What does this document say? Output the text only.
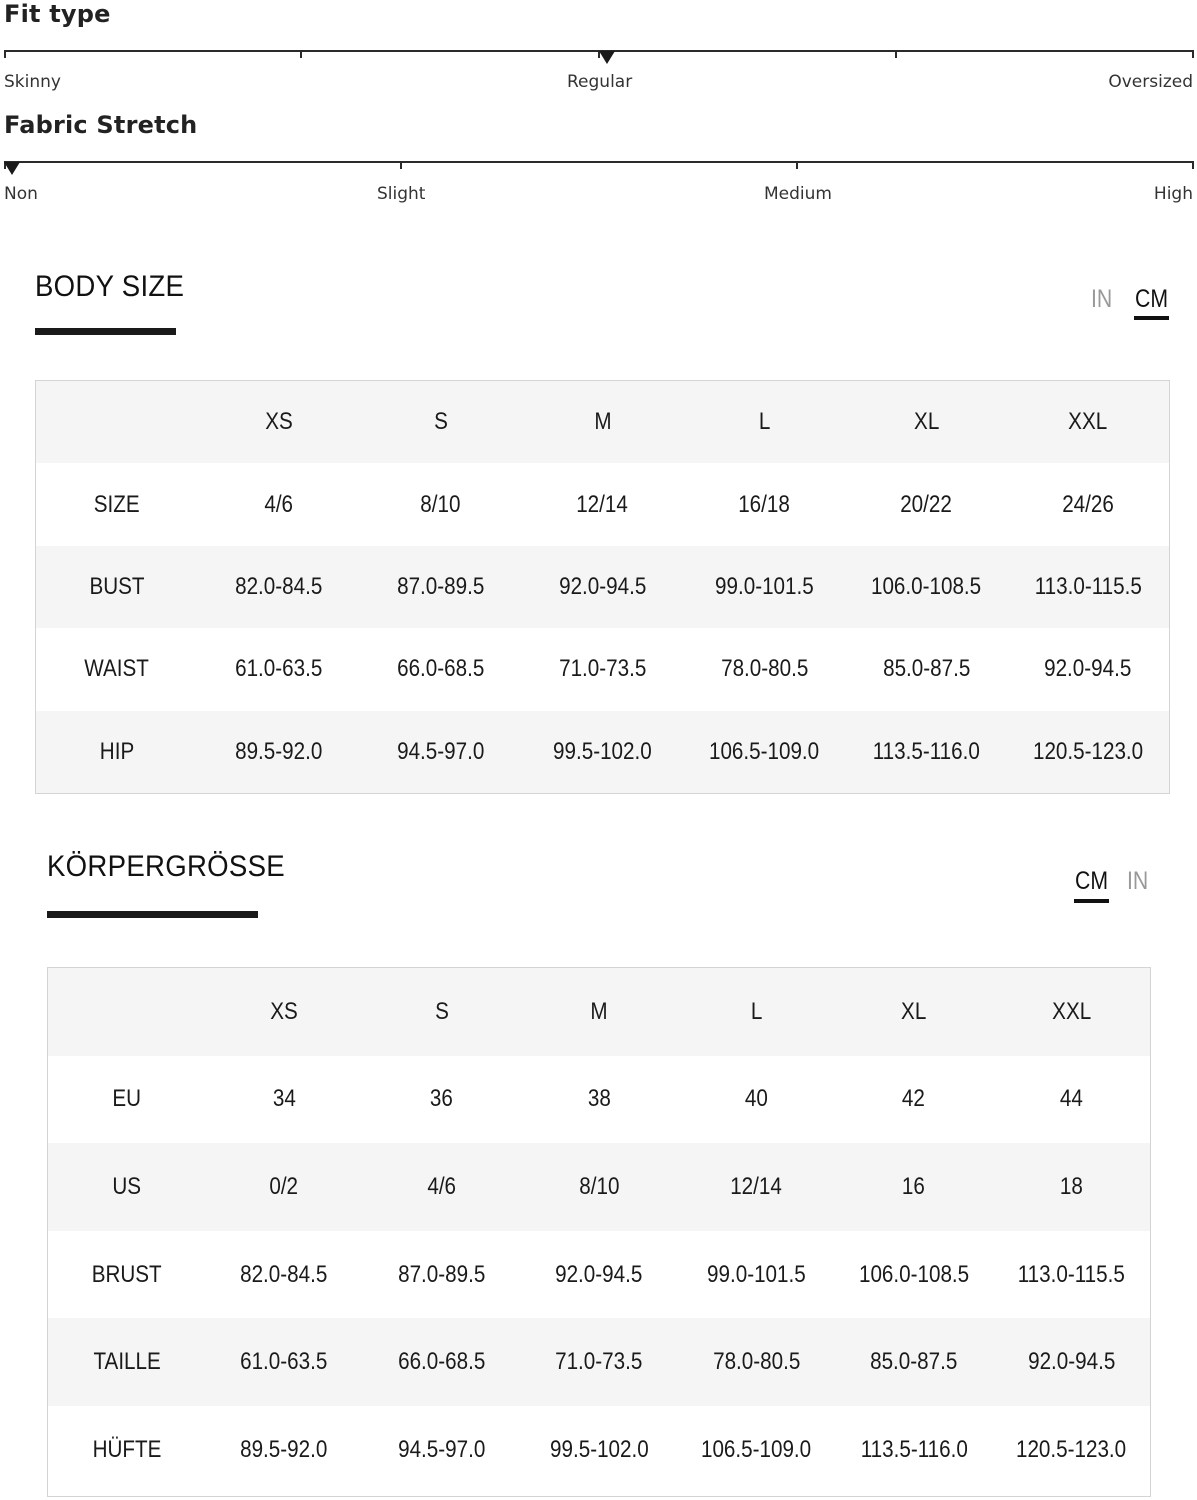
Fit type
Skinny	Regular	Oversized
Fabric Stretch
Non	Slight	Medium	High
BODY SIZE	IN CM
XS	S	M	L	XL	XXL
SIZE	4/6	8/10	12/14	16/18	20/22	24/26
BUST	82.0-84.5	87.0-89.5	92.0-94.5	99.0-101.5 106.0-108.5 113.0-115.5
WAIST	61.0-63.5	66.0-68.5	71.0-73.5	78.0-80.5	85.0-87.5	92.0-94.5
HIP	89.5-92.0	94.5-97.0	99.5-102.0 106.5-109.0 113.5-116.0 120.5-123.0
KÖRPERGRÖSSE	CM IN
XS	S	M	L	XL	XXL
EU	34	36	38	40	42	44
US	0/2	4/6	8/10	12/14	16	18
BRUST	82.0-84.5	87.0-89.5	92.0-94.5	99.0-101.5 106.0-108.5 113.0-115.5
TAILLE	61.0-63.5	66.0-68.5	71.0-73.5	78.0-80.5	85.0-87.5	92.0-94.5
HÜFTE	89.5-92.0	94.5-97.0	99.5-102.0 106.5-109.0 113.5-116.0 120.5-123.0
